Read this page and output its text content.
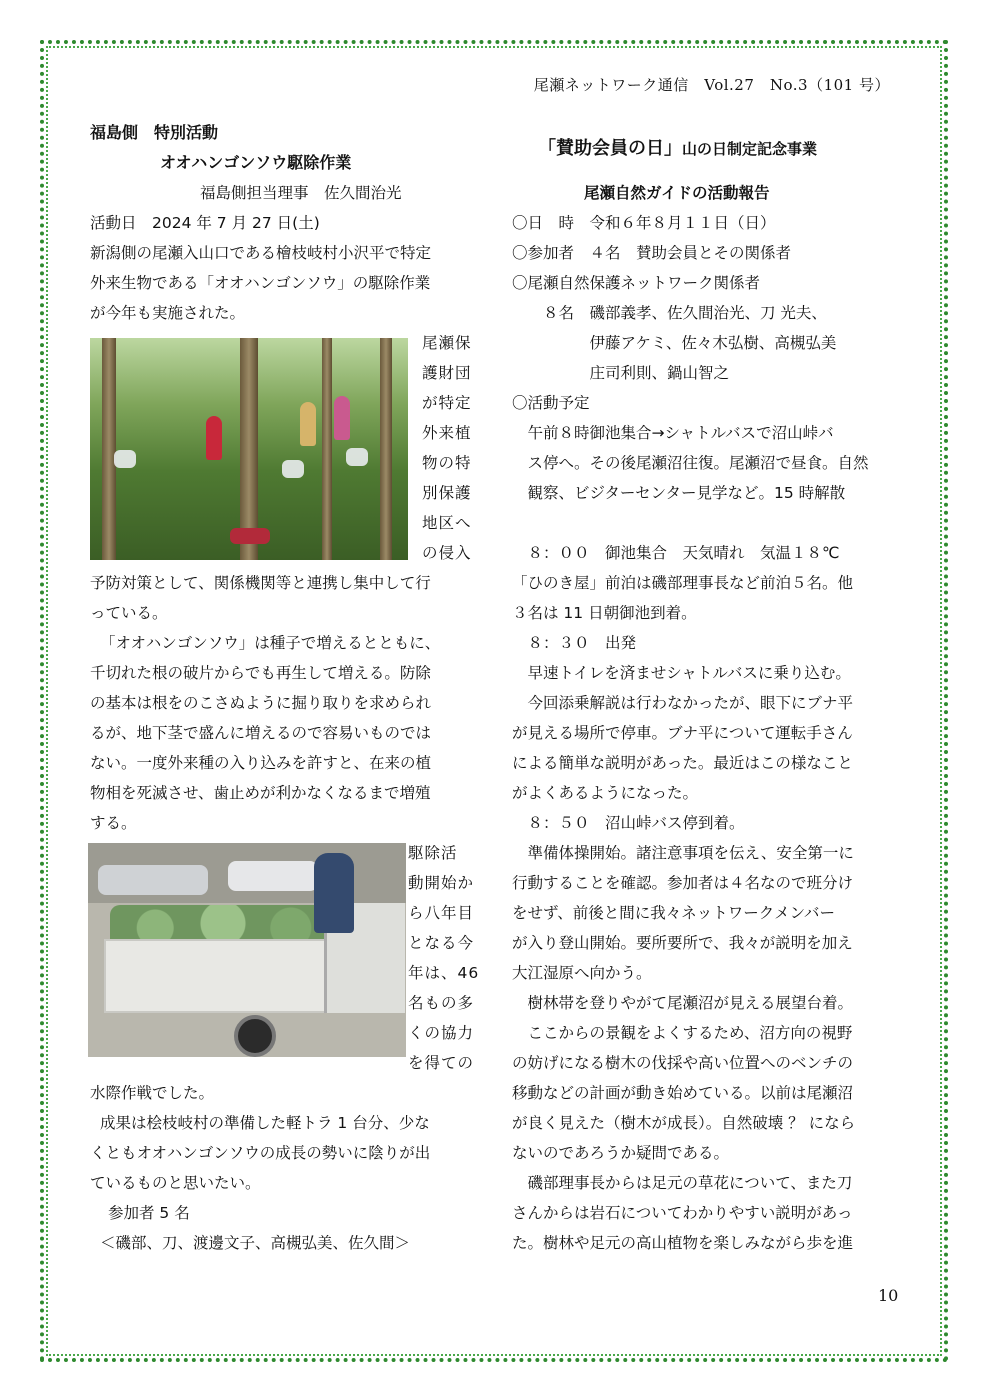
尾瀬ネットワーク通信　Vol.27　No.3（101 号）
福島側　特別活動
オオハンゴンソウ駆除作業
福島側担当理事　佐久間治光
活動日　2024 年 7 月 27 日(土)
新潟側の尾瀬入山口である檜枝岐村小沢平で特定
外来生物である「オオハンゴンソウ」の駆除作業
が今年も実施された。
尾瀬保
護財団
が特定
外来植
物の特
別保護
地区へ
の侵入
予防対策として、関係機関等と連携し集中して行
っている。
「オオハンゴンソウ」は種子で増えるとともに、
千切れた根の破片からでも再生して増える。防除
の基本は根をのこさぬように掘り取りを求められ
るが、地下茎で盛んに増えるので容易いものでは
ない。一度外来種の入り込みを許すと、在来の植
物相を死滅させ、歯止めが利かなくなるまで増殖
する。
駆除活
動開始か
ら八年目
となる今
年は、46
名もの多
くの協力
を得ての
水際作戦でした。
成果は桧枝岐村の準備した軽トラ 1 台分、少な
くともオオハンゴンソウの成長の勢いに陰りが出
ているものと思いたい。
参加者 5 名
＜磯部、刀、渡邊文子、高槻弘美、佐久間＞
「賛助会員の日」山の日制定記念事業
尾瀬自然ガイドの活動報告
〇日　時　令和６年８月１１日（日）
〇参加者　４名　賛助会員とその関係者
〇尾瀬自然保護ネットワーク関係者
　　８名　磯部義孝、佐久間治光、刀 光夫、
　　　　　伊藤アケミ、佐々木弘樹、高槻弘美
　　　　　庄司利則、鍋山智之
〇活動予定
　午前８時御池集合→シャトルバスで沼山峠バ
　ス停へ。その後尾瀬沼往復。尾瀬沼で昼食。自然
　観察、ビジターセンター見学など。15 時解散
　８：００　御池集合　天気晴れ　気温１８℃
「ひのき屋」前泊は磯部理事長など前泊５名。他
３名は 11 日朝御池到着。
　８：３０　出発
　早速トイレを済ませシャトルバスに乗り込む。
　今回添乗解説は行わなかったが、眼下にブナ平
が見える場所で停車。ブナ平について運転手さん
による簡単な説明があった。最近はこの様なこと
がよくあるようになった。
　８：５０　沼山峠バス停到着。
　準備体操開始。諸注意事項を伝え、安全第一に
行動することを確認。参加者は４名なので班分け
をせず、前後と間に我々ネットワークメンバー
が入り登山開始。要所要所で、我々が説明を加え
大江湿原へ向かう。
　樹林帯を登りやがて尾瀬沼が見える展望台着。
　ここからの景観をよくするため、沼方向の視野
の妨げになる樹木の伐採や高い位置へのベンチの
移動などの計画が動き始めている。以前は尾瀬沼
が良く見えた（樹木が成長）。自然破壊 ？ になら
ないのであろうか疑問である。
　磯部理事長からは足元の草花について、また刀
さんからは岩石についてわかりやすい説明があっ
た。樹林や足元の高山植物を楽しみながら歩を進
10
